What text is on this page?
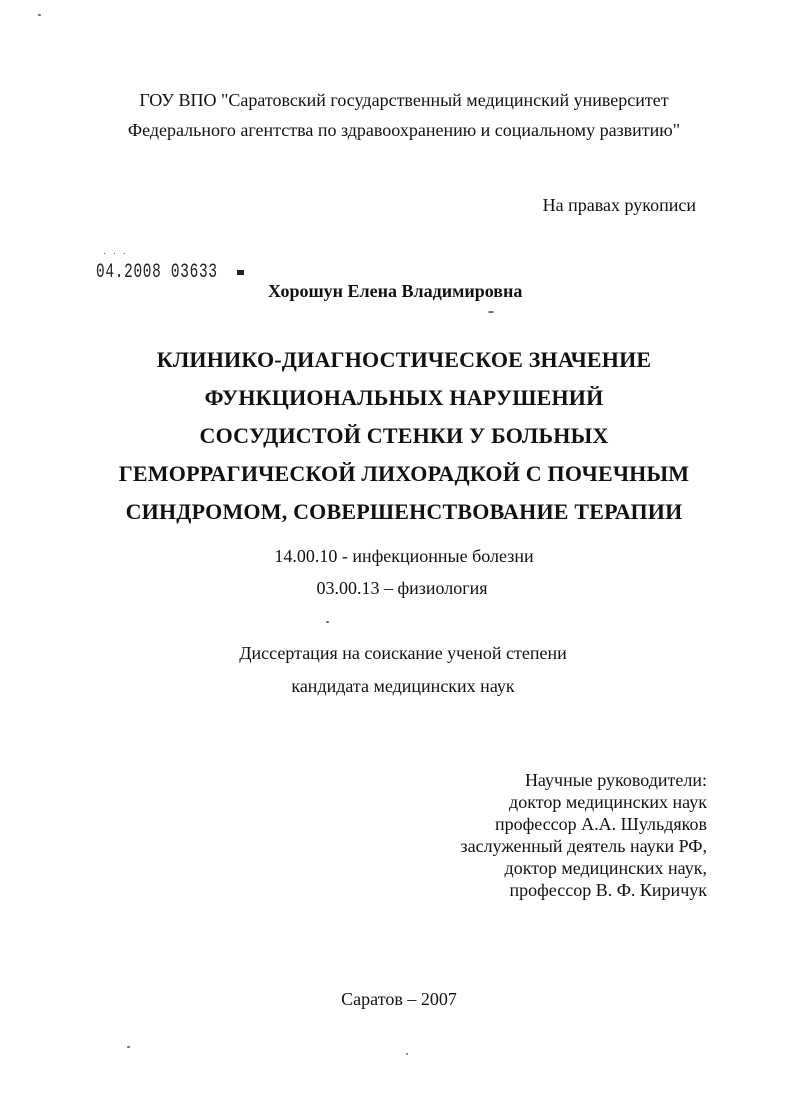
ГОУ ВПО "Саратовский государственный медицинский университет
Федерального агентства по здравоохранению и социальному развитию"
На правах рукописи
· · ·
04.2008 03633
Хорошун Елена Владимировна
КЛИНИКО-ДИАГНОСТИЧЕСКОЕ ЗНАЧЕНИЕ
ФУНКЦИОНАЛЬНЫХ НАРУШЕНИЙ
СОСУДИСТОЙ СТЕНКИ У БОЛЬНЫХ
ГЕМОРРАГИЧЕСКОЙ ЛИХОРАДКОЙ С ПОЧЕЧНЫМ
СИНДРОМОМ, СОВЕРШЕНСТВОВАНИЕ ТЕРАПИИ
14.00.10 - инфекционные болезни
03.00.13 – физиология
Диссертация на соискание ученой степени
кандидата медицинских наук
Научные руководители:
доктор медицинских наук
профессор А.А. Шульдяков
заслуженный деятель науки РФ,
доктор медицинских наук,
профессор В. Ф. Киричук
Саратов – 2007
